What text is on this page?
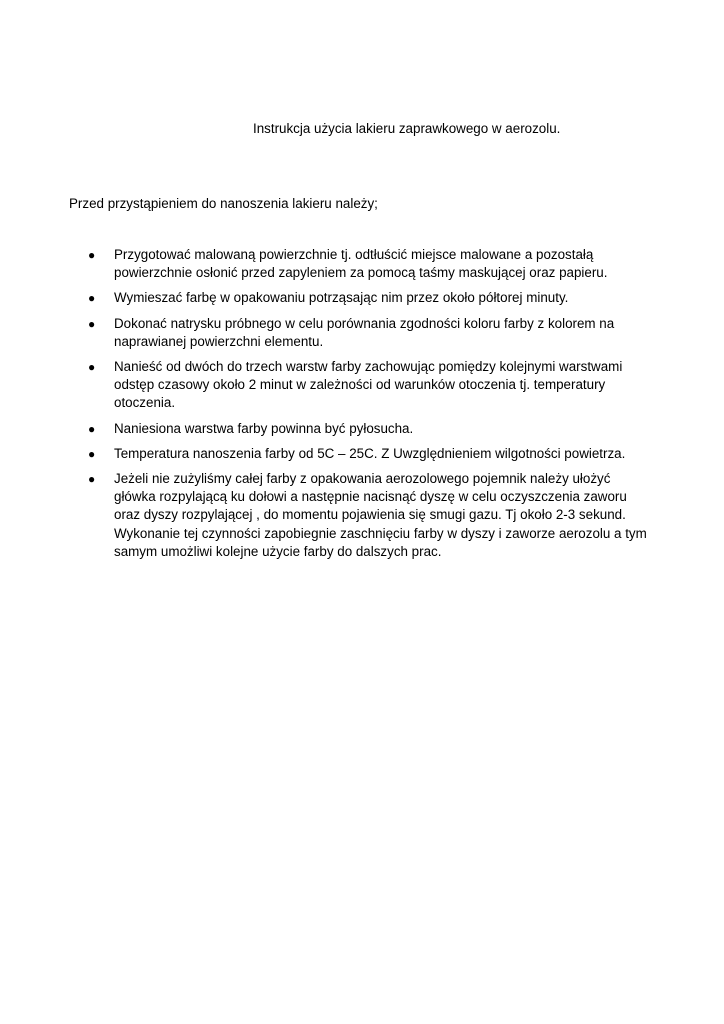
Instrukcja użycia lakieru zaprawkowego w aerozolu.

Przed przystąpieniem do nanoszenia lakieru należy;

● Przygotować malowaną powierzchnie tj. odtłuścić miejsce malowane a pozostałą powierzchnie osłonić przed zapyleniem za pomocą taśmy maskującej oraz papieru.
● Wymieszać farbę w opakowaniu potrząsając nim przez około półtorej minuty.
● Dokonać natrysku próbnego w celu porównania zgodności koloru farby z kolorem na naprawianej powierzchni elementu.
● Nanieść od dwóch do trzech warstw farby zachowując pomiędzy kolejnymi warstwami odstęp czasowy około 2 minut w zależności od warunków otoczenia tj. temperatury otoczenia.
● Naniesiona warstwa farby powinna być pyłosucha.
● Temperatura nanoszenia farby od 5C – 25C. Z Uwzględnieniem wilgotności powietrza.
● Jeżeli nie zużyliśmy całej farby z opakowania aerozolowego pojemnik należy ułożyć główka rozpylającą ku dołowi a następnie nacisnąć dyszę w celu oczyszczenia zaworu oraz dyszy rozpylającej , do momentu pojawienia się smugi gazu. Tj około 2-3 sekund. Wykonanie tej czynności zapobiegnie zaschnięciu farby w dyszy i zaworze aerozolu a tym samym umożliwi kolejne użycie farby do dalszych prac.
